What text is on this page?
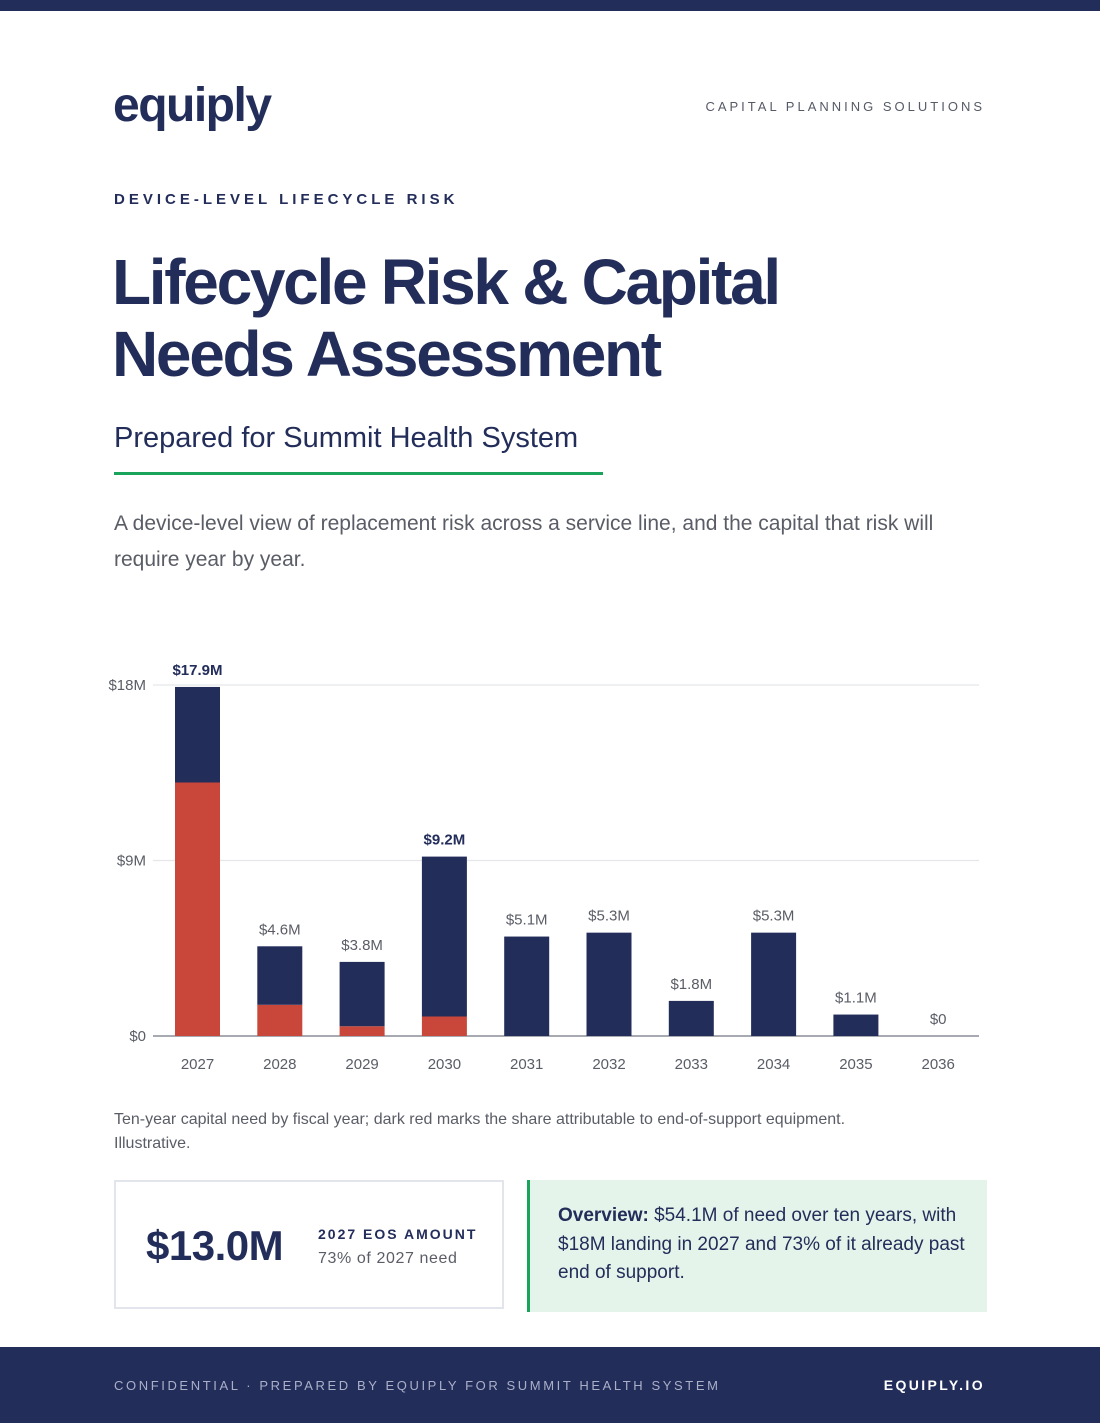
equiply	CAPITAL PLANNING SOLUTIONS
DEVICE-LEVEL LIFECYCLE RISK
Lifecycle Risk & Capital
Needs Assessment
Prepared for Summit Health System
A device-level view of replacement risk across a service line, and the capital that risk will require year by year.
$0
$9M
$18M
$17.9M
2027
$4.6M
2028
$3.8M
2029
$9.2M
2030
$5.1M
2031
$5.3M
2032
$1.8M
2033
$5.3M
2034
$1.1M
2035
$0
2036
Ten-year capital need by fiscal year; dark red marks the share attributable to end-of-support equipment. Illustrative.
$13.0M 2027 EOS AMOUNT
73% of 2027 need
Overview: $54.1M of need over ten years, with $18M landing in 2027 and 73% of it already past end of support.
CONFIDENTIAL · PREPARED BY EQUIPLY FOR SUMMIT HEALTH SYSTEM	EQUIPLY.IO
